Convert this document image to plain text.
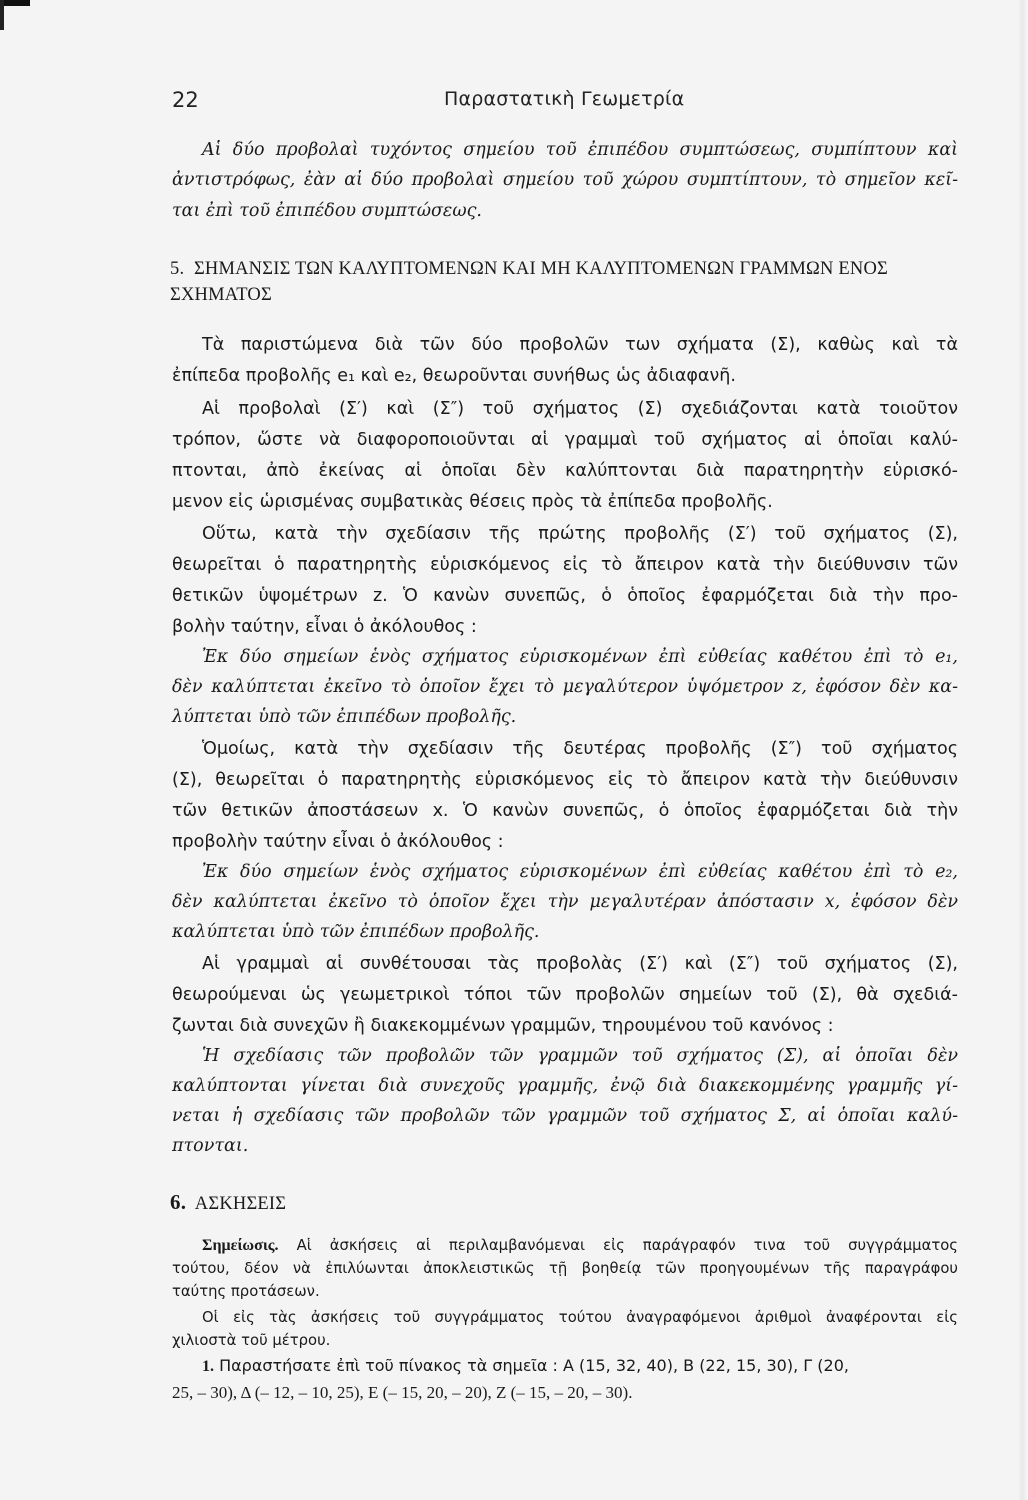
22	Παραστατικὴ Γεωμετρία
Αἱ δύο προβολαὶ τυχόντος σημείου τοῦ ἐπιπέδου συμπτώσεως, συμπίπτουν καὶ
ἀντιστρόφως, ἐὰν αἱ δύο προβολαὶ σημείου τοῦ χώρου συμπτίπτουν, τὸ σημεῖον κεῖ-
ται ἐπὶ τοῦ ἐπιπέδου συμπτώσεως.
5. ΣΗΜΑΝΣΙΣ ΤΩΝ ΚΑΛΥΠΤΟΜΕΝΩΝ ΚΑΙ ΜΗ ΚΑΛΥΠΤΟΜΕΝΩΝ ΓΡΑΜΜΩΝ ΕΝΟΣ
ΣΧΗΜΑΤΟΣ
Τὰ παριστώμενα διὰ τῶν δύο προβολῶν των σχήματα (Σ), καθὼς καὶ τὰ
ἐπίπεδα προβολῆς e₁ καὶ e₂, θεωροῦνται συνήθως ὡς ἀδιαφανῆ.
Αἱ προβολαὶ (Σ′) καὶ (Σ″) τοῦ σχήματος (Σ) σχεδιάζονται κατὰ τοιοῦτον
τρόπον, ὥστε νὰ διαφοροποιοῦνται αἱ γραμμαὶ τοῦ σχήματος αἱ ὁποῖαι καλύ-
πτονται, ἀπὸ ἐκείνας αἱ ὁποῖαι δὲν καλύπτονται διὰ παρατηρητὴν εὑρισκό-
μενον εἰς ὡρισμένας συμβατικὰς θέσεις πρὸς τὰ ἐπίπεδα προβολῆς.
Οὕτω, κατὰ τὴν σχεδίασιν τῆς πρώτης προβολῆς (Σ′) τοῦ σχήματος (Σ),
θεωρεῖται ὁ παρατηρητὴς εὑρισκόμενος εἰς τὸ ἄπειρον κατὰ τὴν διεύθυνσιν τῶν
θετικῶν ὑψομέτρων z. Ὁ κανὼν συνεπῶς, ὁ ὁποῖος ἐφαρμόζεται διὰ τὴν προ-
βολὴν ταύτην, εἶναι ὁ ἀκόλουθος :
Ἐκ δύο σημείων ἑνὸς σχήματος εὑρισκομένων ἐπὶ εὐθείας καθέτου ἐπὶ τὸ e₁,
δὲν καλύπτεται ἐκεῖνο τὸ ὁποῖον ἔχει τὸ μεγαλύτερον ὑψόμετρον z, ἐφόσον δὲν κα-
λύπτεται ὑπὸ τῶν ἐπιπέδων προβολῆς.
Ὁμοίως, κατὰ τὴν σχεδίασιν τῆς δευτέρας προβολῆς (Σ″) τοῦ σχήματος
(Σ), θεωρεῖται ὁ παρατηρητὴς εὑρισκόμενος εἰς τὸ ἄπειρον κατὰ τὴν διεύθυνσιν
τῶν θετικῶν ἀποστάσεων x. Ὁ κανὼν συνεπῶς, ὁ ὁποῖος ἐφαρμόζεται διὰ τὴν
προβολὴν ταύτην εἶναι ὁ ἀκόλουθος :
Ἐκ δύο σημείων ἑνὸς σχήματος εὑρισκομένων ἐπὶ εὐθείας καθέτου ἐπὶ τὸ e₂,
δὲν καλύπτεται ἐκεῖνο τὸ ὁποῖον ἔχει τὴν μεγαλυτέραν ἀπόστασιν x, ἐφόσον δὲν
καλύπτεται ὑπὸ τῶν ἐπιπέδων προβολῆς.
Αἱ γραμμαὶ αἱ συνθέτουσαι τὰς προβολὰς (Σ′) καὶ (Σ″) τοῦ σχήματος (Σ),
θεωρούμεναι ὡς γεωμετρικοὶ τόποι τῶν προβολῶν σημείων τοῦ (Σ), θὰ σχεδιά-
ζωνται διὰ συνεχῶν ἢ διακεκομμένων γραμμῶν, τηρουμένου τοῦ κανόνος :
Ἡ σχεδίασις τῶν προβολῶν τῶν γραμμῶν τοῦ σχήματος (Σ), αἱ ὁποῖαι δὲν
καλύπτονται γίνεται διὰ συνεχοῦς γραμμῆς, ἐνῷ διὰ διακεκομμένης γραμμῆς γί-
νεται ἡ σχεδίασις τῶν προβολῶν τῶν γραμμῶν τοῦ σχήματος Σ, αἱ ὁποῖαι καλύ-
πτονται.
6. ΑΣΚΗΣΕΙΣ
Σημείωσις. Αἱ ἀσκήσεις αἱ περιλαμβανόμεναι εἰς παράγραφόν τινα τοῦ συγγράμματος
τούτου, δέον νὰ ἐπιλύωνται ἀποκλειστικῶς τῇ βοηθείᾳ τῶν προηγουμένων τῆς παραγράφου
ταύτης προτάσεων.
Οἱ εἰς τὰς ἀσκήσεις τοῦ συγγράμματος τούτου ἀναγραφόμενοι ἀριθμοὶ ἀναφέρονται εἰς
χιλιοστὰ τοῦ μέτρου.
1. Παραστήσατε ἐπὶ τοῦ πίνακος τὰ σημεῖα : A (15, 32, 40), B (22, 15, 30), Γ (20,
25, – 30), Δ (– 12, – 10, 25), E (– 15, 20, – 20), Z (– 15, – 20, – 30).
